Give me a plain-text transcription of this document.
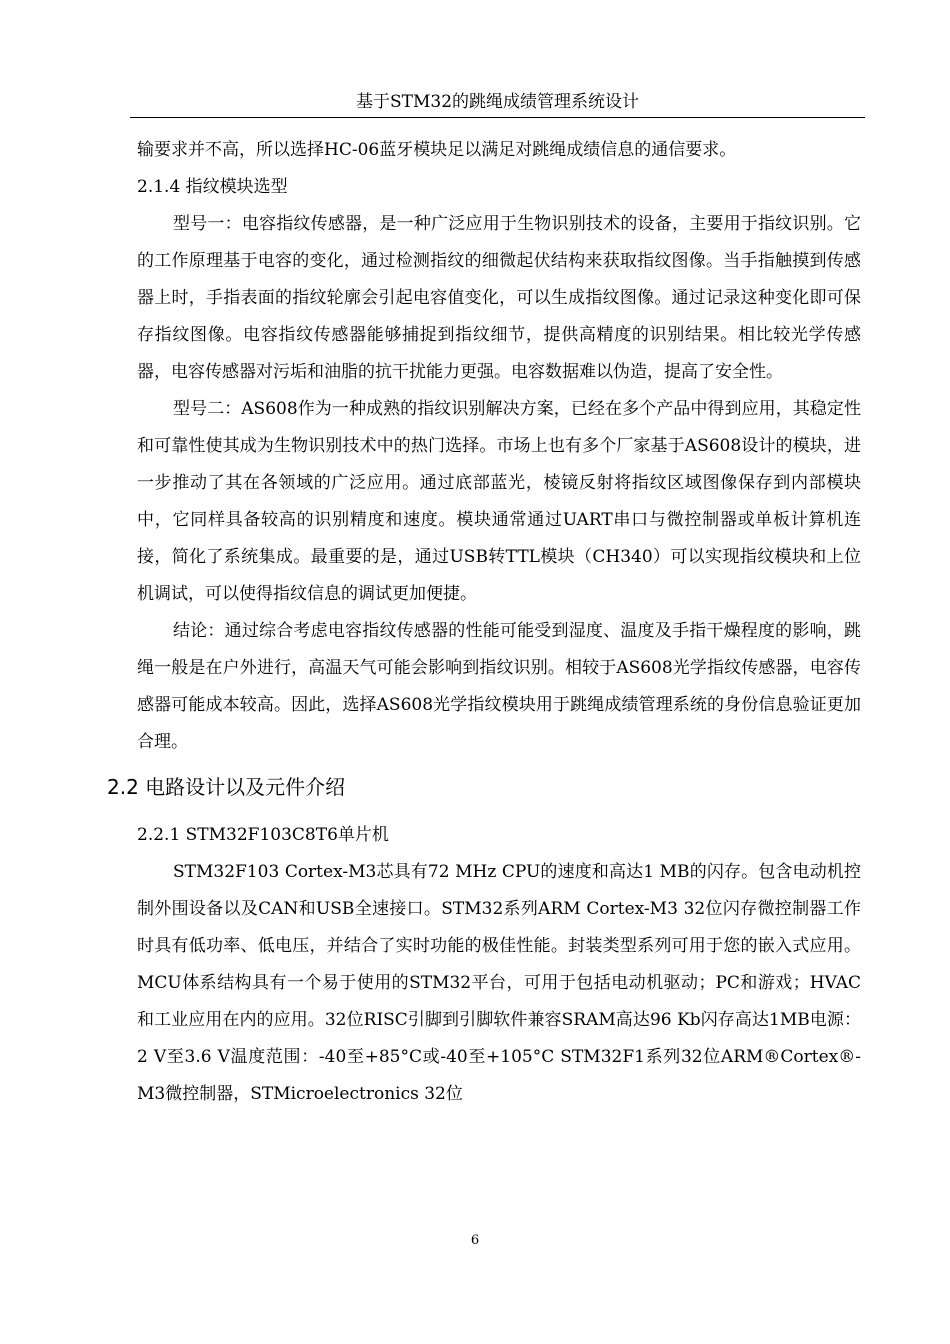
基于STM32的跳绳成绩管理系统设计

输要求并不高，所以选择HC-06蓝牙模块足以满足对跳绳成绩信息的通信要求。

2.1.4 指纹模块选型

型号一：电容指纹传感器，是一种广泛应用于生物识别技术的设备，主要用于指纹识别。它的工作原理基于电容的变化，通过检测指纹的细微起伏结构来获取指纹图像。当手指触摸到传感器上时，手指表面的指纹轮廓会引起电容值变化，可以生成指纹图像。通过记录这种变化即可保存指纹图像。电容指纹传感器能够捕捉到指纹细节，提供高精度的识别结果。相比较光学传感器，电容传感器对污垢和油脂的抗干扰能力更强。电容数据难以伪造，提高了安全性。

型号二：AS608作为一种成熟的指纹识别解决方案，已经在多个产品中得到应用，其稳定性和可靠性使其成为生物识别技术中的热门选择。市场上也有多个厂家基于AS608设计的模块，进一步推动了其在各领域的广泛应用。通过底部蓝光，棱镜反射将指纹区域图像保存到内部模块中，它同样具备较高的识别精度和速度。模块通常通过UART串口与微控制器或单板计算机连接，简化了系统集成。最重要的是，通过USB转TTL模块（CH340）可以实现指纹模块和上位机调试，可以使得指纹信息的调试更加便捷。

结论：通过综合考虑电容指纹传感器的性能可能受到湿度、温度及手指干燥程度的影响，跳绳一般是在户外进行，高温天气可能会影响到指纹识别。相较于AS608光学指纹传感器，电容传感器可能成本较高。因此，选择AS608光学指纹模块用于跳绳成绩管理系统的身份信息验证更加合理。

2.2 电路设计以及元件介绍
2.2.1 STM32F103C8T6单片机

STM32F103 Cortex-M3芯具有72 MHz CPU的速度和高达1 MB的闪存。包含电动机控制外围设备以及CAN和USB全速接口。STM32系列ARM Cortex-M3 32位闪存微控制器工作时具有低功率、低电压，并结合了实时功能的极佳性能。封装类型系列可用于您的嵌入式应用。MCU体系结构具有一个易于使用的STM32平台，可用于包括电动机驱动；PC和游戏；HVAC和工业应用在内的应用。32位RISC引脚到引脚软件兼容SRAM高达96 Kb闪存高达1MB电源：2 V至3.6 V温度范围：-40至+85°C或-40至+105°C STM32F1系列32位ARM®Cortex®-M3微控制器，STMicroelectronics 32位

6
